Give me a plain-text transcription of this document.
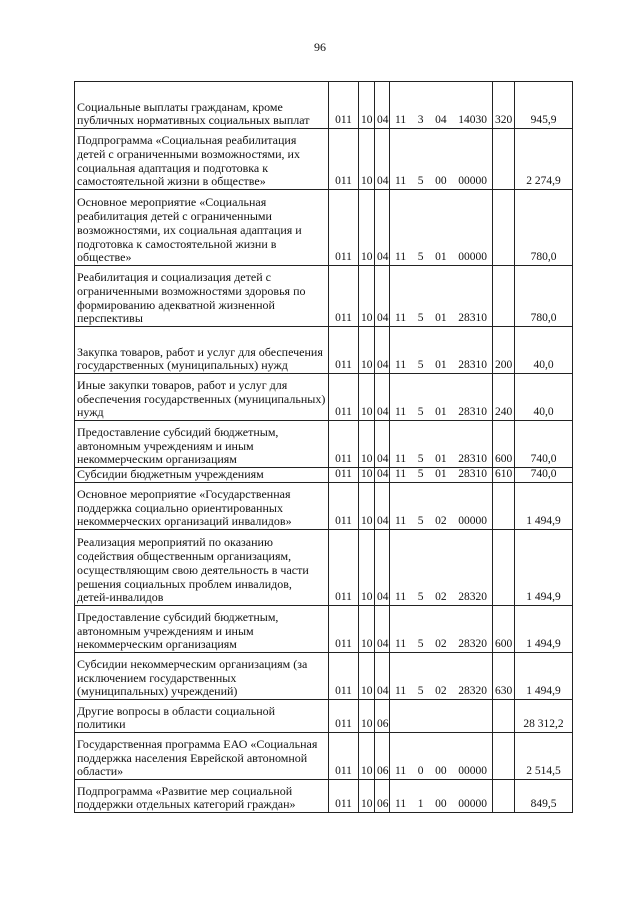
96
Социальные выплаты гражданам, кроме публичных нормативных социальных выплат	011	10	04	11 3 04 14030	320	945,9
Подпрограмма «Социальная реабилитация детей с ограниченными возможностями, их социальная адаптация и подготовка к самостоятельной жизни в обществе»	011	10	04	11 5 00 00000		2 274,9
Основное мероприятие «Социальная реабилитация детей с ограниченными возможностями, их социальная адаптация и подготовка к самостоятельной жизни в обществе»	011	10	04	11 5 01 00000		780,0
Реабилитация и социализация детей с ограниченными возможностями здоровья по формированию адекватной жизненной перспективы	011	10	04	11 5 01 28310		780,0
Закупка товаров, работ и услуг для обеспечения государственных (муниципальных) нужд	011	10	04	11 5 01 28310	200	40,0
Иные закупки товаров, работ и услуг для обеспечения государственных (муниципальных) нужд	011	10	04	11 5 01 28310	240	40,0
Предоставление субсидий бюджетным, автономным учреждениям и иным некоммерческим организациям	011	10	04	11 5 01 28310	600	740,0
Субсидии бюджетным учреждениям	011	10	04	11 5 01 28310	610	740,0
Основное мероприятие «Государственная поддержка социально ориентированных некоммерческих организаций инвалидов»	011	10	04	11 5 02 00000		1 494,9
Реализация мероприятий по оказанию содействия общественным организациям, осуществляющим свою деятельность в части решения социальных проблем инвалидов, детей-инвалидов	011	10	04	11 5 02 28320		1 494,9
Предоставление субсидий бюджетным, автономным учреждениям и иным некоммерческим организациям	011	10	04	11 5 02 28320	600	1 494,9
Субсидии некоммерческим организациям (за исключением государственных (муниципальных) учреждений)	011	10	04	11 5 02 28320	630	1 494,9
Другие вопросы в области социальной политики	011	10	06			28 312,2
Государственная программа ЕАО «Социальная поддержка населения Еврейской автономной области»	011	10	06	11 0 00 00000		2 514,5
Подпрограмма «Развитие мер социальной поддержки отдельных категорий граждан»	011	10	06	11 1 00 00000		849,5
